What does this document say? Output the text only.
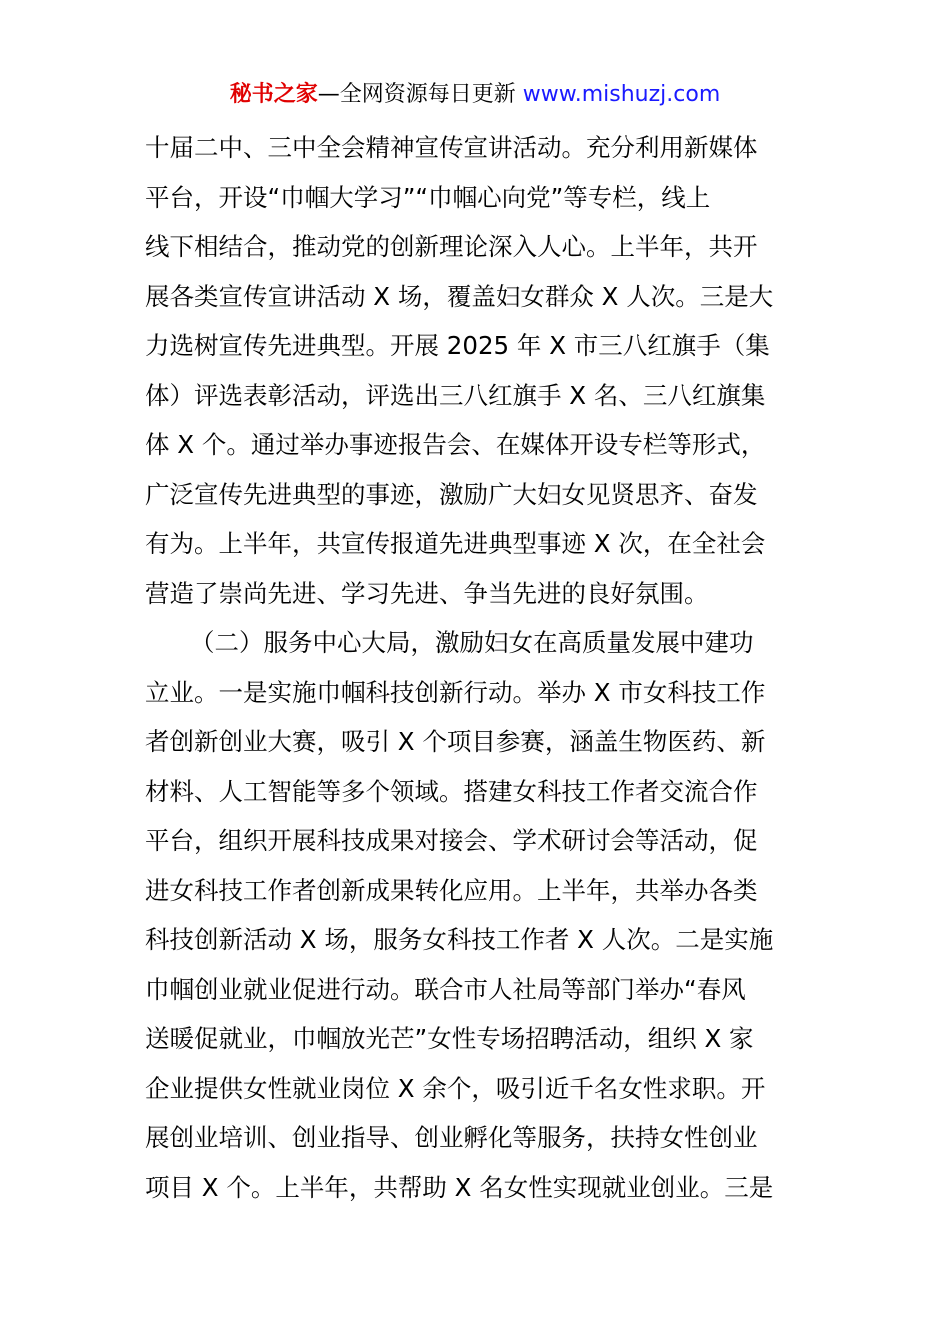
秘书之家—全网资源每日更新 www.mishuzj.com
十届二中、三中全会精神宣传宣讲活动。充分利用新媒体
平台，开设“巾帼大学习”“巾帼心向党”等专栏，线上
线下相结合，推动党的创新理论深入人心。上半年，共开
展各类宣传宣讲活动 X 场，覆盖妇女群众 X 人次。三是大
力选树宣传先进典型。开展 2025 年 X 市三八红旗手（集
体）评选表彰活动，评选出三八红旗手 X 名、三八红旗集
体 X 个。通过举办事迹报告会、在媒体开设专栏等形式，
广泛宣传先进典型的事迹，激励广大妇女见贤思齐、奋发
有为。上半年，共宣传报道先进典型事迹 X 次，在全社会
营造了崇尚先进、学习先进、争当先进的良好氛围。
（二）服务中心大局，激励妇女在高质量发展中建功
立业。一是实施巾帼科技创新行动。举办 X 市女科技工作
者创新创业大赛，吸引 X 个项目参赛，涵盖生物医药、新
材料、人工智能等多个领域。搭建女科技工作者交流合作
平台，组织开展科技成果对接会、学术研讨会等活动，促
进女科技工作者创新成果转化应用。上半年，共举办各类
科技创新活动 X 场，服务女科技工作者 X 人次。二是实施
巾帼创业就业促进行动。联合市人社局等部门举办“春风
送暖促就业，巾帼放光芒”女性专场招聘活动，组织 X 家
企业提供女性就业岗位 X 余个，吸引近千名女性求职。开
展创业培训、创业指导、创业孵化等服务，扶持女性创业
项目 X 个。上半年，共帮助 X 名女性实现就业创业。三是
